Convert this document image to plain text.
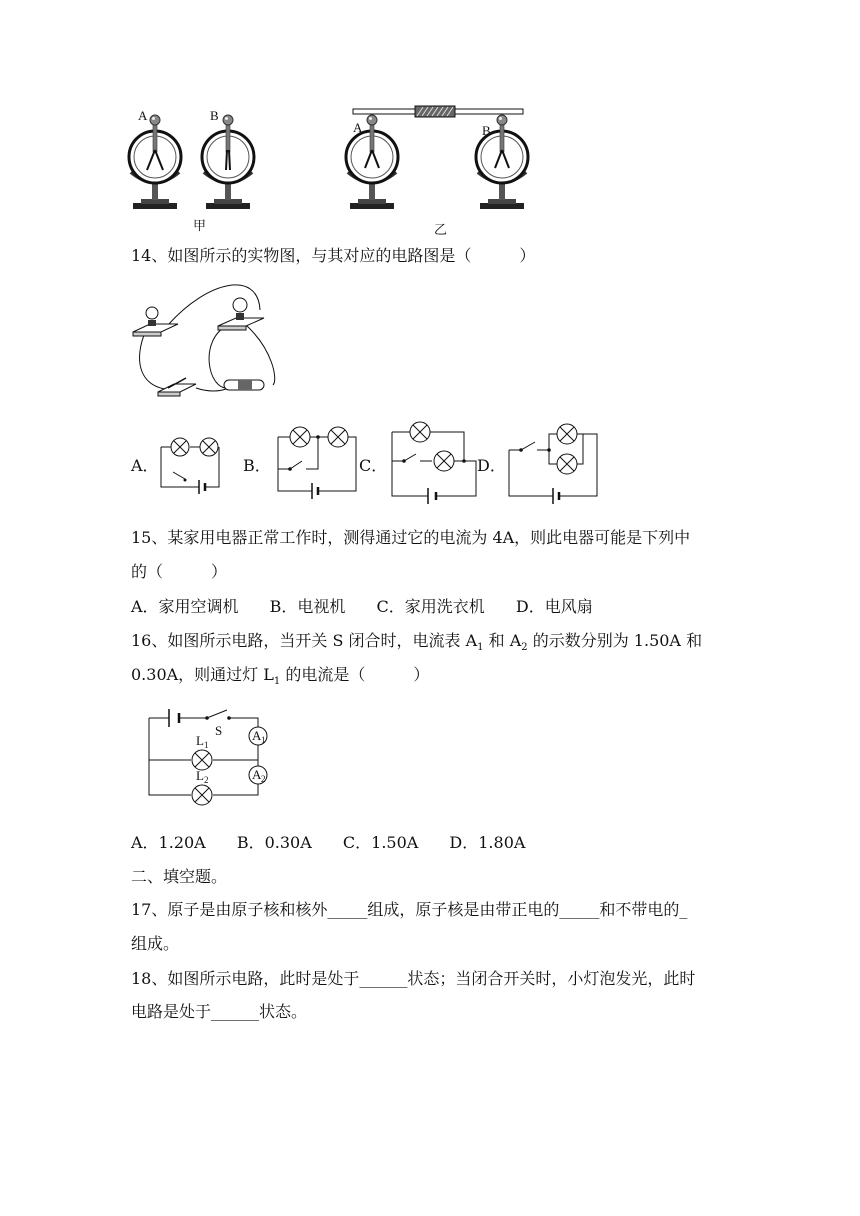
A	B
A	B
甲	乙
14、如图所示的实物图，与其对应的电路图是（　　　）
A．	B．	C．	D．
15、某家用电器正常工作时，测得通过它的电流为 4A，则此电器可能是下列中
的（　　　）
A．家用空调机 B．电视机 C．家用洗衣机 D．电风扇
16、如图所示电路，当开关 S 闭合时，电流表 $A_1$ 和 $A_2$ 的示数分别为 1.50A 和
0.30A，则通过灯 $L_1$ 的电流是（　　　）
S
L 1
L 2
A 1
A 2
A．1.20A B．0.30A C．1.50A D．1.80A
二、填空题。
17、原子是由原子核和核外_____组成，原子核是由带正电的_____和不带电的_
组成。
18、如图所示电路，此时是处于______状态；当闭合开关时，小灯泡发光，此时
电路是处于______状态。
